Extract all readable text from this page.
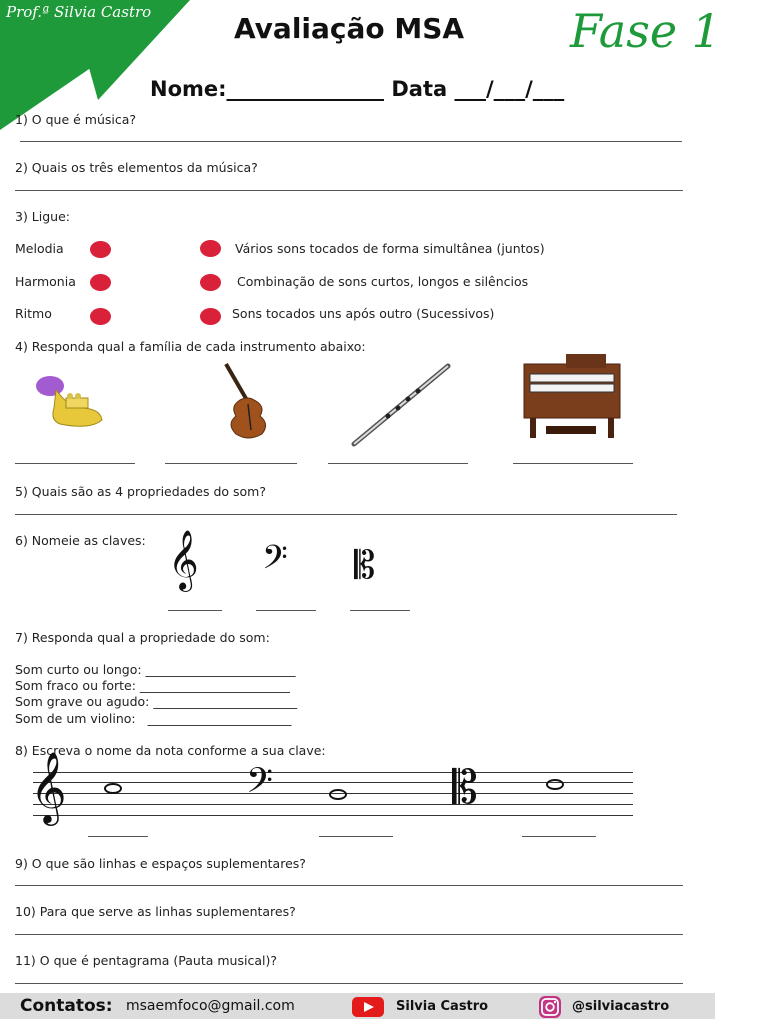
Prof.ª Silvia Castro	Avaliação MSA Fase 1
Nome:_______________ Data ___/___/___
1) O que é música?
2) Quais os três elementos da música?
3) Ligue:
Melodia
Harmonia
Ritmo
Vários sons tocados de forma simultânea (juntos)
Combinação de sons curtos, longos e silêncios
Sons tocados uns após outro (Sucessivos)
4) Responda qual a família de cada instrumento abaixo:
5) Quais são as 4 propriedades do som?
6) Nomeie as claves: 𝄞 𝄢 𝄡
7) Responda qual a propriedade do som:
Som curto ou longo: ________________________
Som fraco ou forte: ________________________
Som grave ou agudo: _______________________
Som de um violino:   _______________________
8) Escreva o nome da nota conforme a sua clave:
𝄞	𝄢	𝄡
9) O que são linhas e espaços suplementares?
10) Para que serve as linhas suplementares?
11) O que é pentagrama (Pauta musical)?
Contatos: msaemfoco@gmail.com	Silvia Castro	@silviacastro
